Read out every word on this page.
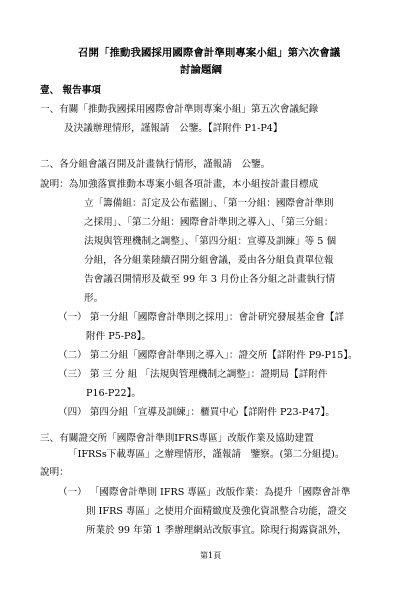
召開「推動我國採用國際會計準則專案小組」第六次會議
討論題綱
壹、 報告事項
一、有關「推動我國採用國際會計準則專案小組」第五次會議紀錄
及決議辦理情形，謹報請　公鑒。【詳附件 P1-P4】
二、各分組會議召開及計畫執行情形，謹報請　公鑒。
說明：為加強落實推動本專案小組各項計畫，本小組按計畫目標成
立「籌備組：訂定及公布藍圖」、「第一分組：國際會計準則
之採用」、「第二分組：國際會計準則之導入」、「第三分組：
法規與管理機制之調整」、「第四分組：宣導及訓練」等 5 個
分組，各分組業陸續召開分組會議，爰由各分組負責單位報
告會議召開情形及截至 99 年 3 月份止各分組之計畫執行情
形。
（一） 第一分組「國際會計準則之採用」：會計研究發展基金會【詳
附件 P5-P8】。
（二） 第二分組「國際會計準則之導入」：證交所【詳附件 P9-P15】。
（三） 第 三 分 組 「法規與管理機制之調整」：證期局【詳附件
P16-P22】。
（四） 第四分組「宣導及訓練」：櫃買中心【詳附件 P23-P47】。
三、有關證交所「國際會計準則IFRS專區」改版作業及協助建置
「IFRSs下載專區」之辦理情形，謹報請　鑒察。(第二分組提)。
說明：
（一） 「國際會計準則 IFRS 專區」改版作業：為提升「國際會計準
則 IFRS 專區」之使用介面精緻度及強化資訊整合功能，證交
所業於 99 年第 1 季辦理網站改版事宜。除現行揭露資訊外，
第1頁
